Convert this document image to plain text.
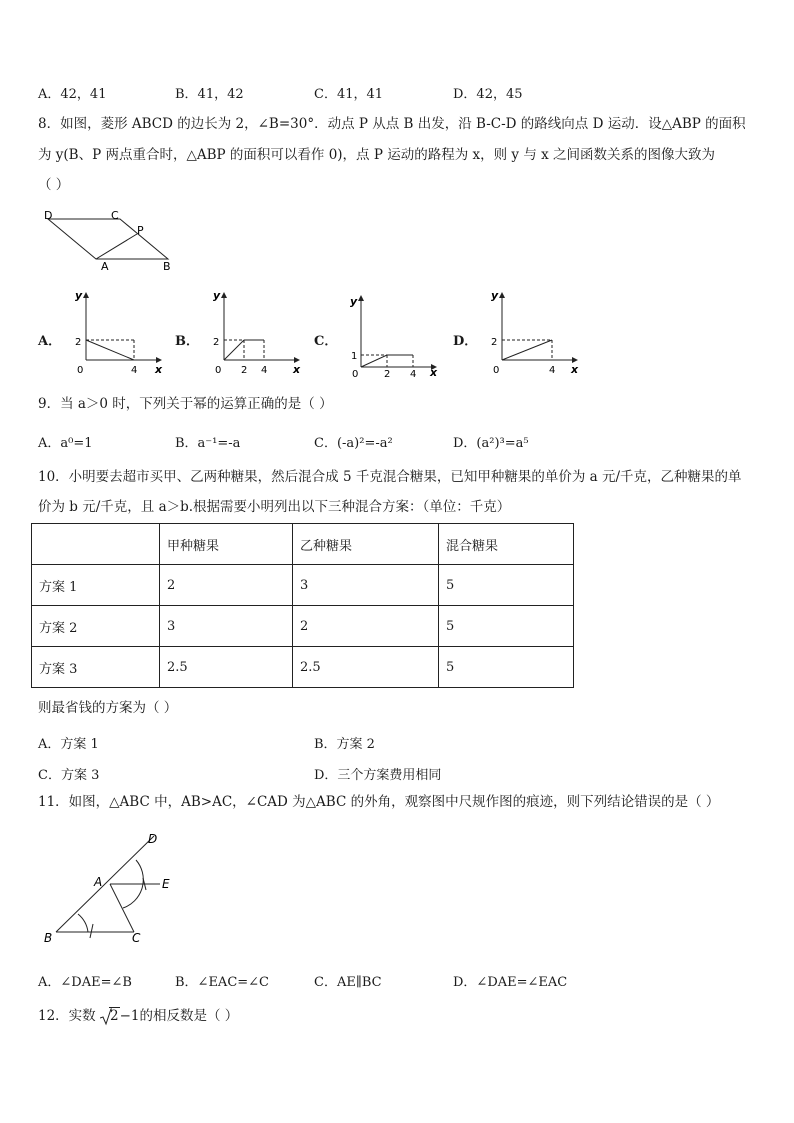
A．42，41	B．41，42	C．41，41	D．42，45
8．如图，菱形 ABCD 的边长为 2，∠B=30°．动点 P 从点 B 出发，沿 B-C-D 的路线向点 D 运动．设△ABP 的面积
为 y(B、P 两点重合时，△ABP 的面积可以看作 0)，点 P 运动的路程为 x，则 y 与 x 之间函数关系的图像大致为
（ ）
D	C
P
A	B
A．
y
x
2
4
0
B．
y
x
2
2 4
0
C．
y
x
1
2 4
0
D．
y
x
2
4
0
9．当 a＞0 时，下列关于幂的运算正确的是（ ）
A．a⁰=1	B．a⁻¹=-a	C．(-a)²=-a²	D．(a²)³=a⁵
10．小明要去超市买甲、乙两种糖果，然后混合成 5 千克混合糖果，已知甲种糖果的单价为 a 元/千克，乙种糖果的单
价为 b 元/千克，且 a＞b.根据需要小明列出以下三种混合方案：（单位：千克）
	甲种糖果	乙种糖果	混合糖果
方案 1	2	3	5
方案 2	3	2	5
方案 3	2.5	2.5	5
则最省钱的方案为（ ）
A．方案 1	B．方案 2
C．方案 3	D．三个方案费用相同
11．如图，△ABC 中，AB>AC，∠CAD 为△ABC 的外角，观察图中尺规作图的痕迹，则下列结论错误的是（ ）
D
A	E
B	C
A．∠DAE=∠B	B．∠EAC=∠C	C．AE∥BC	D．∠DAE=∠EAC
12．实数 2−1的相反数是（ ）
